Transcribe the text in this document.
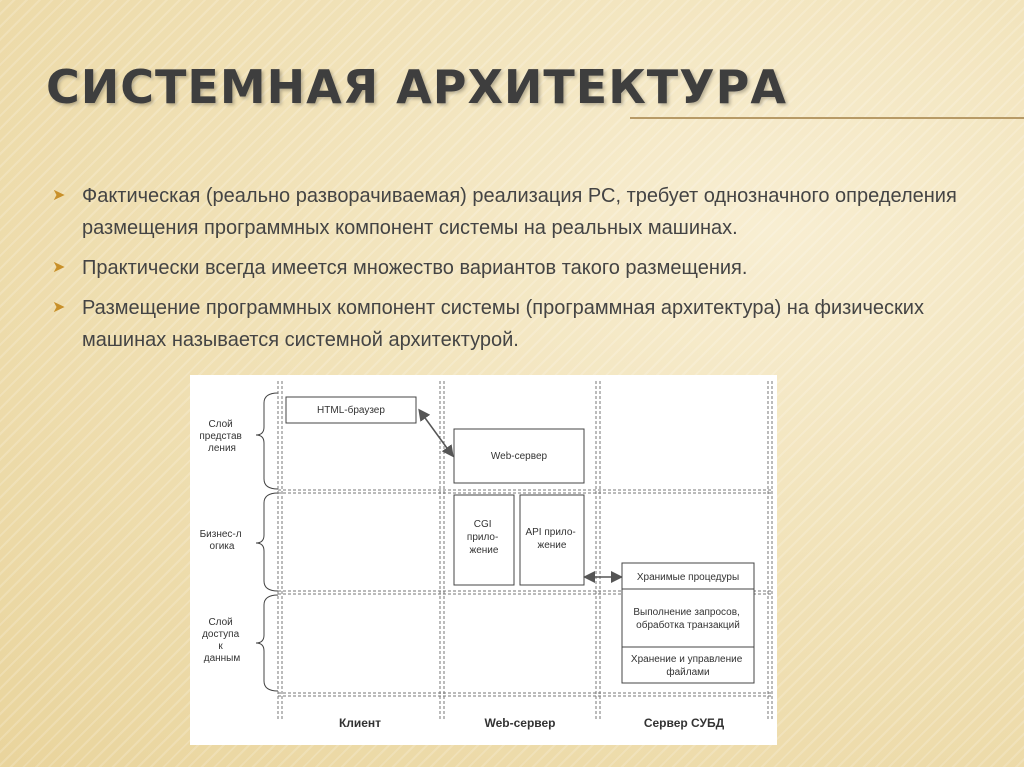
СИСТЕМНАЯ АРХИТЕКТУРА
➤ Фактическая (реально разворачиваемая) реализация РС, требует однозначного определения размещения программных компонент системы на реальных машинах.
➤ Практически всегда имеется множество вариантов такого размещения.
➤ Размещение программных компонент системы (программная архитектура) на физических машинах называется системной архитектурой.
Слой представ ления
Бизнес-л огика
Слой доступа к данным
Клиент	Web-сервер	Сервер СУБД
HTML-браузер
Web-сервер
CGI прило- жение
API прило- жение
Хранимые процедуры
Выполнение запросов, обработка транзакций
Хранение и управление файлами
